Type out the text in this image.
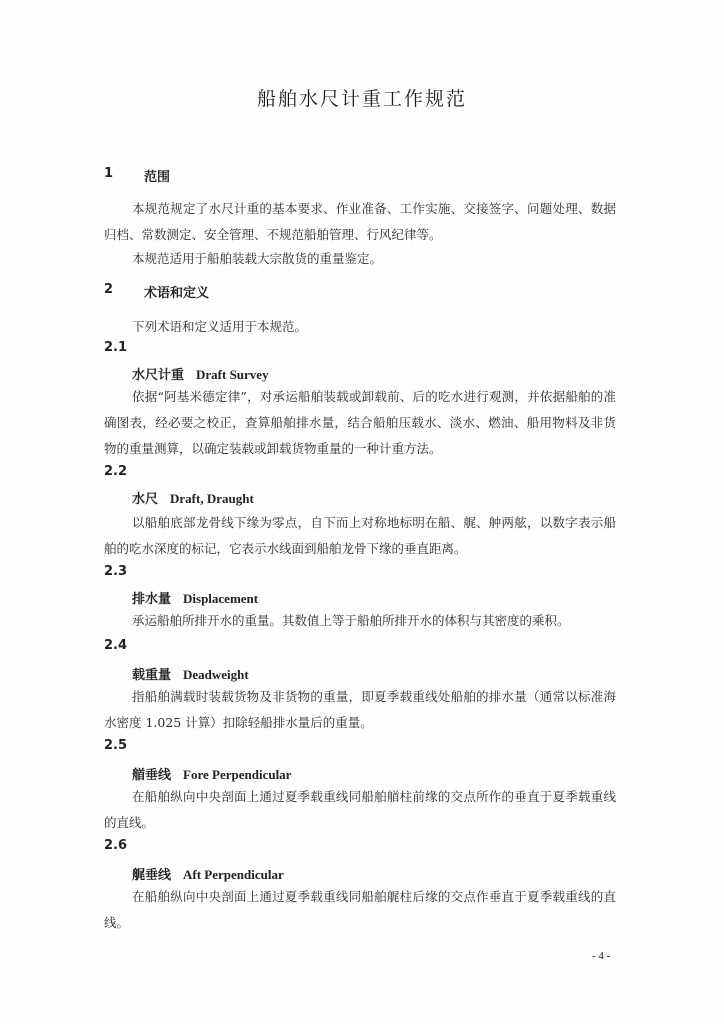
船舶水尺计重工作规范
1 范围
本规范规定了水尺计重的基本要求、作业准备、工作实施、交接签字、问题处理、数据归档、常数测定、安全管理、不规范船舶管理、行风纪律等。
本规范适用于船舶装载大宗散货的重量鉴定。
2 术语和定义
下列术语和定义适用于本规范。
2.1
水尺计重 Draft Survey
依据“阿基米德定律”，对承运船舶装载或卸载前、后的吃水进行观测，并依据船舶的准确图表，经必要之校正，查算船舶排水量，结合船舶压载水、淡水、燃油、船用物料及非货物的重量测算，以确定装载或卸载货物重量的一种计重方法。
2.2
水尺 Draft, Draught
以船舶底部龙骨线下缘为零点，自下而上对称地标明在船、艉、舯两舷，以数字表示船舶的吃水深度的标记，它表示水线面到船舶龙骨下缘的垂直距离。
2.3
排水量 Displacement
承运船舶所排开水的重量。其数值上等于船舶所排开水的体积与其密度的乘积。
2.4
载重量 Deadweight
指船舶满载时装载货物及非货物的重量，即夏季载重线处船舶的排水量（通常以标准海水密度 1.025 计算）扣除轻船排水量后的重量。
2.5
艏垂线 Fore Perpendicular
在船舶纵向中央剖面上通过夏季载重线同船舶艏柱前缘的交点所作的垂直于夏季载重线的直线。
2.6
艉垂线 Aft Perpendicular
在船舶纵向中央剖面上通过夏季载重线同船舶艉柱后缘的交点作垂直于夏季载重线的直线。
- 4 -
